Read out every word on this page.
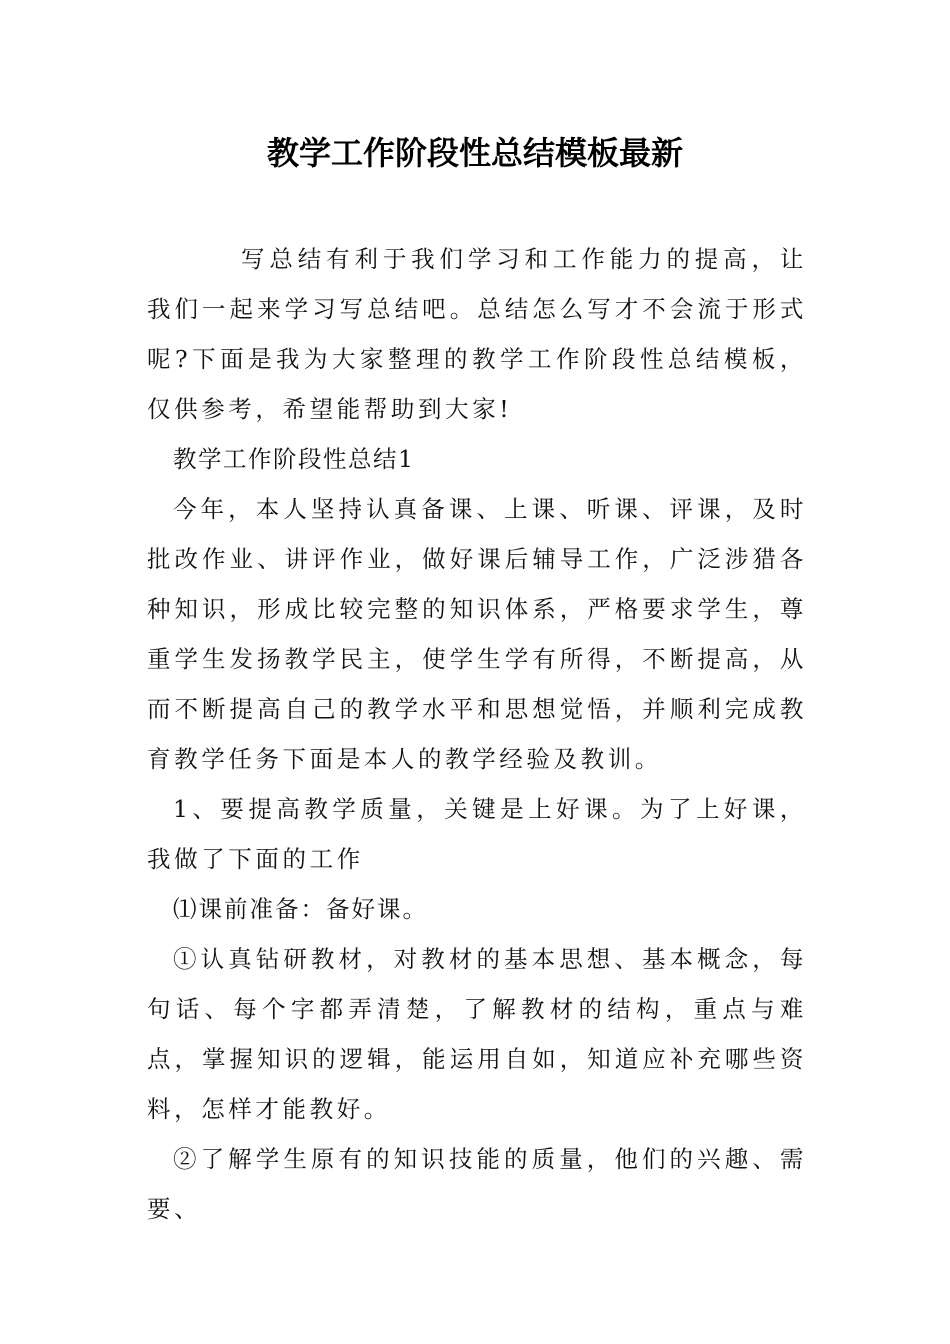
教学工作阶段性总结模板最新

写总结有利于我们学习和工作能力的提高，让我们一起来学习写总结吧。总结怎么写才不会流于形式呢?下面是我为大家整理的教学工作阶段性总结模板，仅供参考，希望能帮助到大家!

教学工作阶段性总结1

今年，本人坚持认真备课、上课、听课、评课，及时批改作业、讲评作业，做好课后辅导工作，广泛涉猎各种知识，形成比较完整的知识体系，严格要求学生，尊重学生发扬教学民主，使学生学有所得，不断提高，从而不断提高自己的教学水平和思想觉悟，并顺利完成教育教学任务下面是本人的教学经验及教训。

1、要提高教学质量，关键是上好课。为了上好课，我做了下面的工作

⑴课前准备：备好课。

①认真钻研教材，对教材的基本思想、基本概念，每句话、每个字都弄清楚，了解教材的结构，重点与难点，掌握知识的逻辑，能运用自如，知道应补充哪些资料，怎样才能教好。

②了解学生原有的知识技能的质量，他们的兴趣、需要、
